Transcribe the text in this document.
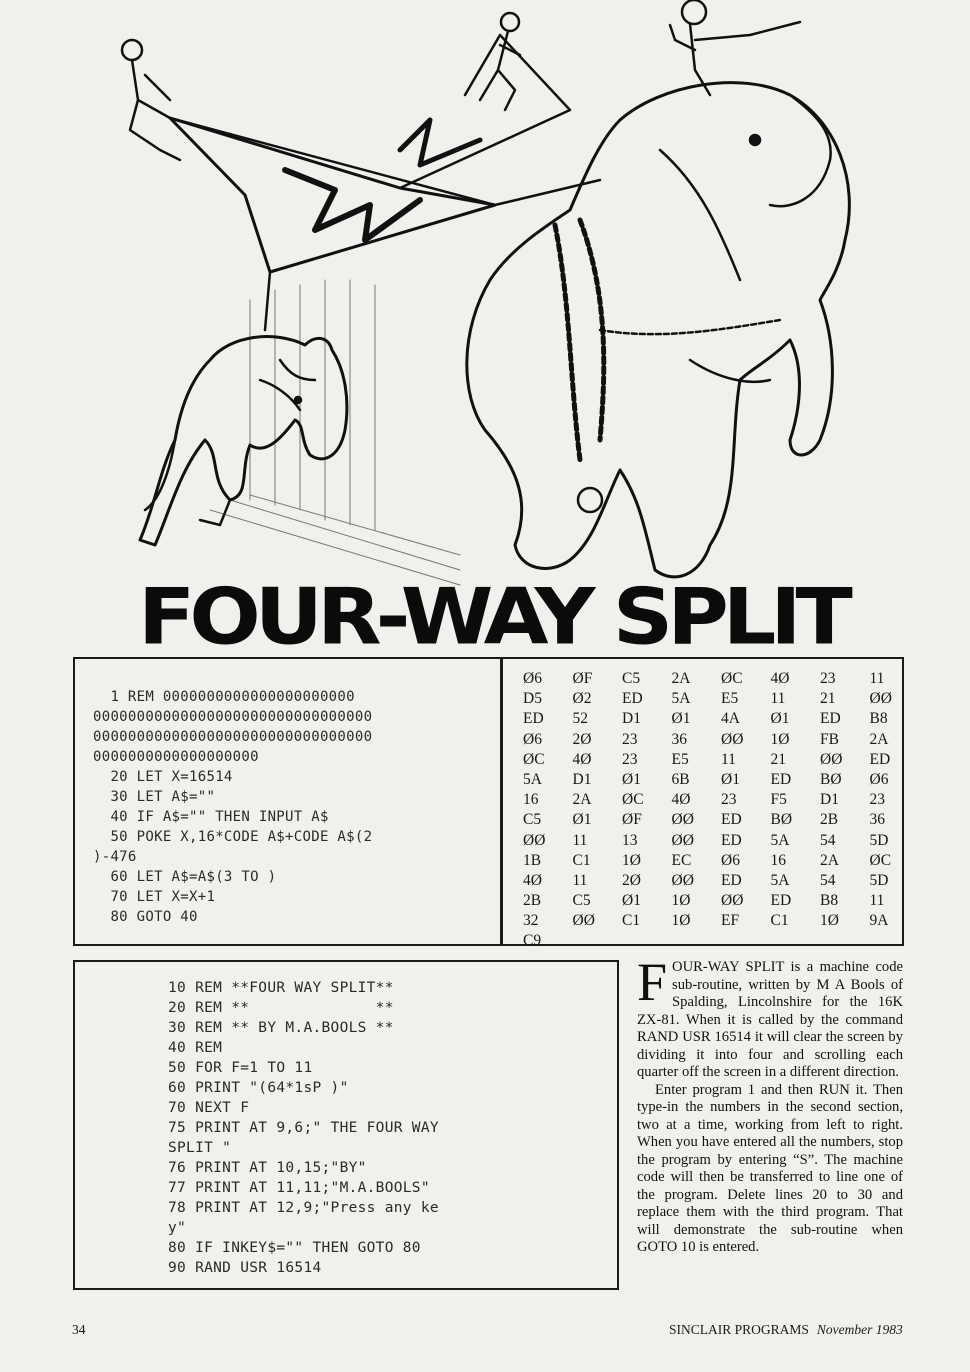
FOUR-WAY SPLIT
1 REM 0000000000000000000000
00000000000000000000000000000000
00000000000000000000000000000000
0000000000000000000
20 LET X=16514
30 LET A$=""
40 IF A$="" THEN INPUT A$
50 POKE X,16*CODE A$+CODE A$(2
)-476
60 LET A$=A$(3 TO )
70 LET X=X+1
80 GOTO 40
Ø6	ØF	C5	2A	ØC	4Ø	23	11
D5	Ø2	ED	5A	E5	11	21	ØØ
ED	52	D1	Ø1	4A	Ø1	ED	B8
Ø6	2Ø	23	36	ØØ	1Ø	FB	2A
ØC	4Ø	23	E5	11	21	ØØ	ED
5A	D1	Ø1	6B	Ø1	ED	BØ	Ø6
16	2A	ØC	4Ø	23	F5	D1	23
C5	Ø1	ØF	ØØ	ED	BØ	2B	36
ØØ	11	13	ØØ	ED	5A	54	5D
1B	C1	1Ø	EC	Ø6	16	2A	ØC
4Ø	11	2Ø	ØØ	ED	5A	54	5D
2B	C5	Ø1	1Ø	ØØ	ED	B8	11
32	ØØ	C1	1Ø	EF	C1	1Ø	9A
C9
10 REM **FOUR WAY SPLIT**
20 REM **              **
30 REM ** BY M.A.BOOLS **
40 REM
50 FOR F=1 TO 11
60 PRINT "(64*1sP )"
70 NEXT F
75 PRINT AT 9,6;" THE FOUR WAY
SPLIT "
76 PRINT AT 10,15;"BY"
77 PRINT AT 11,11;"M.A.BOOLS"
78 PRINT AT 12,9;"Press any ke
y"
80 IF INKEY$="" THEN GOTO 80
90 RAND USR 16514

FOUR-WAY SPLIT is a machine code sub-routine, written by M A Bools of Spalding, Lincolnshire for the 16K ZX-81. When it is called by the command RAND USR 16514 it will clear the screen by dividing it into four and scrolling each quarter off the screen in a different direction.

Enter program 1 and then RUN it. Then type-in the numbers in the second section, two at a time, working from left to right. When you have entered all the numbers, stop the program by entering “S”. The machine code will then be transferred to line one of the program. Delete lines 20 to 30 and replace them with the third program. That will demonstrate the sub-routine when GOTO 10 is entered.

34	SINCLAIR PROGRAMS November 1983
